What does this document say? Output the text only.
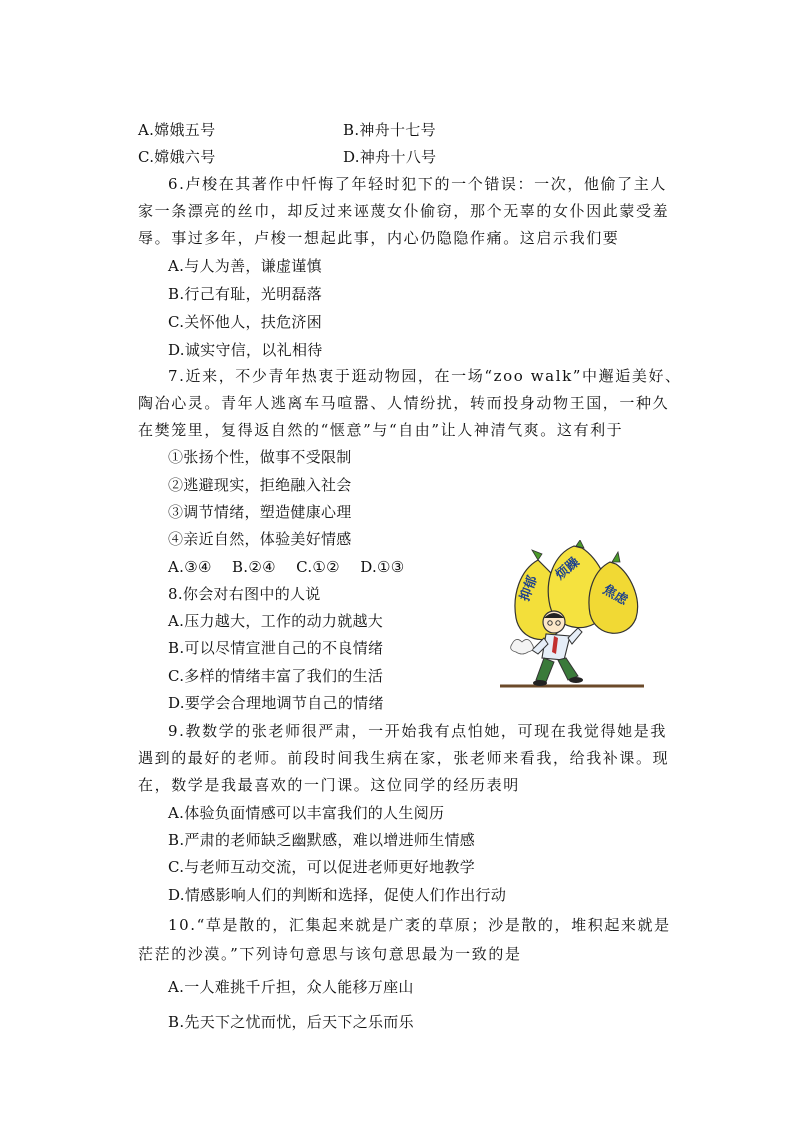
A.嫦娥五号	B.神舟十七号
C.嫦娥六号	D.神舟十八号
6.卢梭在其著作中忏悔了年轻时犯下的一个错误：一次，他偷了主人
家一条漂亮的丝巾，却反过来诬蔑女仆偷窃，那个无辜的女仆因此蒙受羞
辱。事过多年，卢梭一想起此事，内心仍隐隐作痛。这启示我们要
A.与人为善，谦虚谨慎
B.行己有耻，光明磊落
C.关怀他人，扶危济困
D.诚实守信，以礼相待
7.近来，不少青年热衷于逛动物园，在一场“zoo walk”中邂逅美好、
陶冶心灵。青年人逃离车马喧嚣、人情纷扰，转而投身动物王国，一种久
在樊笼里，复得返自然的“惬意”与“自由”让人神清气爽。这有利于
①张扬个性，做事不受限制
②逃避现实，拒绝融入社会
③调节情绪，塑造健康心理
④亲近自然，体验美好情感
A.③④    B.②④    C.①②    D.①③
8.你会对右图中的人说
A.压力越大，工作的动力就越大
B.可以尽情宣泄自己的不良情绪
C.多样的情绪丰富了我们的生活
D.要学会合理地调节自己的情绪
抑郁
烦躁
焦虑
9.教数学的张老师很严肃，一开始我有点怕她，可现在我觉得她是我
遇到的最好的老师。前段时间我生病在家，张老师来看我，给我补课。现
在，数学是我最喜欢的一门课。这位同学的经历表明
A.体验负面情感可以丰富我们的人生阅历
B.严肃的老师缺乏幽默感，难以增进师生情感
C.与老师互动交流，可以促进老师更好地教学
D.情感影响人们的判断和选择，促使人们作出行动
10.“草是散的，汇集起来就是广袤的草原；沙是散的，堆积起来就是
茫茫的沙漠。”下列诗句意思与该句意思最为一致的是
A.一人难挑千斤担，众人能移万座山
B.先天下之忧而忧，后天下之乐而乐
